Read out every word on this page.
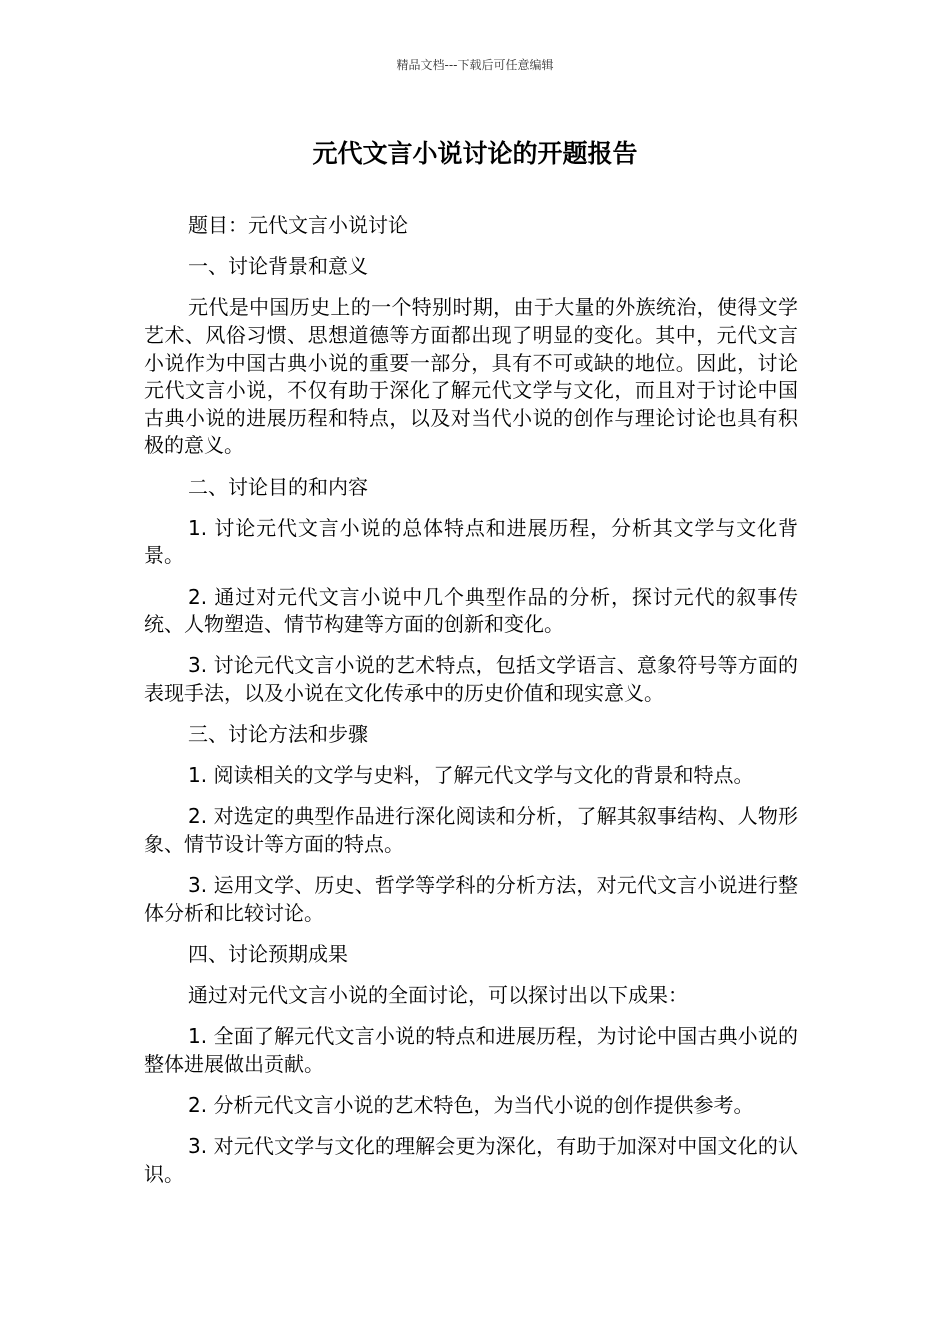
精品文档---下载后可任意编辑
元代文言小说讨论的开题报告

题目：元代文言小说讨论

一、讨论背景和意义

元代是中国历史上的一个特别时期，由于大量的外族统治，使得文学艺术、风俗习惯、思想道德等方面都出现了明显的变化。其中，元代文言小说作为中国古典小说的重要一部分，具有不可或缺的地位。因此，讨论元代文言小说，不仅有助于深化了解元代文学与文化，而且对于讨论中国古典小说的进展历程和特点，以及对当代小说的创作与理论讨论也具有积极的意义。

二、讨论目的和内容

1. 讨论元代文言小说的总体特点和进展历程，分析其文学与文化背景。

2. 通过对元代文言小说中几个典型作品的分析，探讨元代的叙事传统、人物塑造、情节构建等方面的创新和变化。

3. 讨论元代文言小说的艺术特点，包括文学语言、意象符号等方面的表现手法，以及小说在文化传承中的历史价值和现实意义。

三、讨论方法和步骤

1. 阅读相关的文学与史料，了解元代文学与文化的背景和特点。

2. 对选定的典型作品进行深化阅读和分析，了解其叙事结构、人物形象、情节设计等方面的特点。

3. 运用文学、历史、哲学等学科的分析方法，对元代文言小说进行整体分析和比较讨论。

四、讨论预期成果

通过对元代文言小说的全面讨论，可以探讨出以下成果：

1. 全面了解元代文言小说的特点和进展历程，为讨论中国古典小说的整体进展做出贡献。

2. 分析元代文言小说的艺术特色，为当代小说的创作提供参考。

3. 对元代文学与文化的理解会更为深化，有助于加深对中国文化的认识。
